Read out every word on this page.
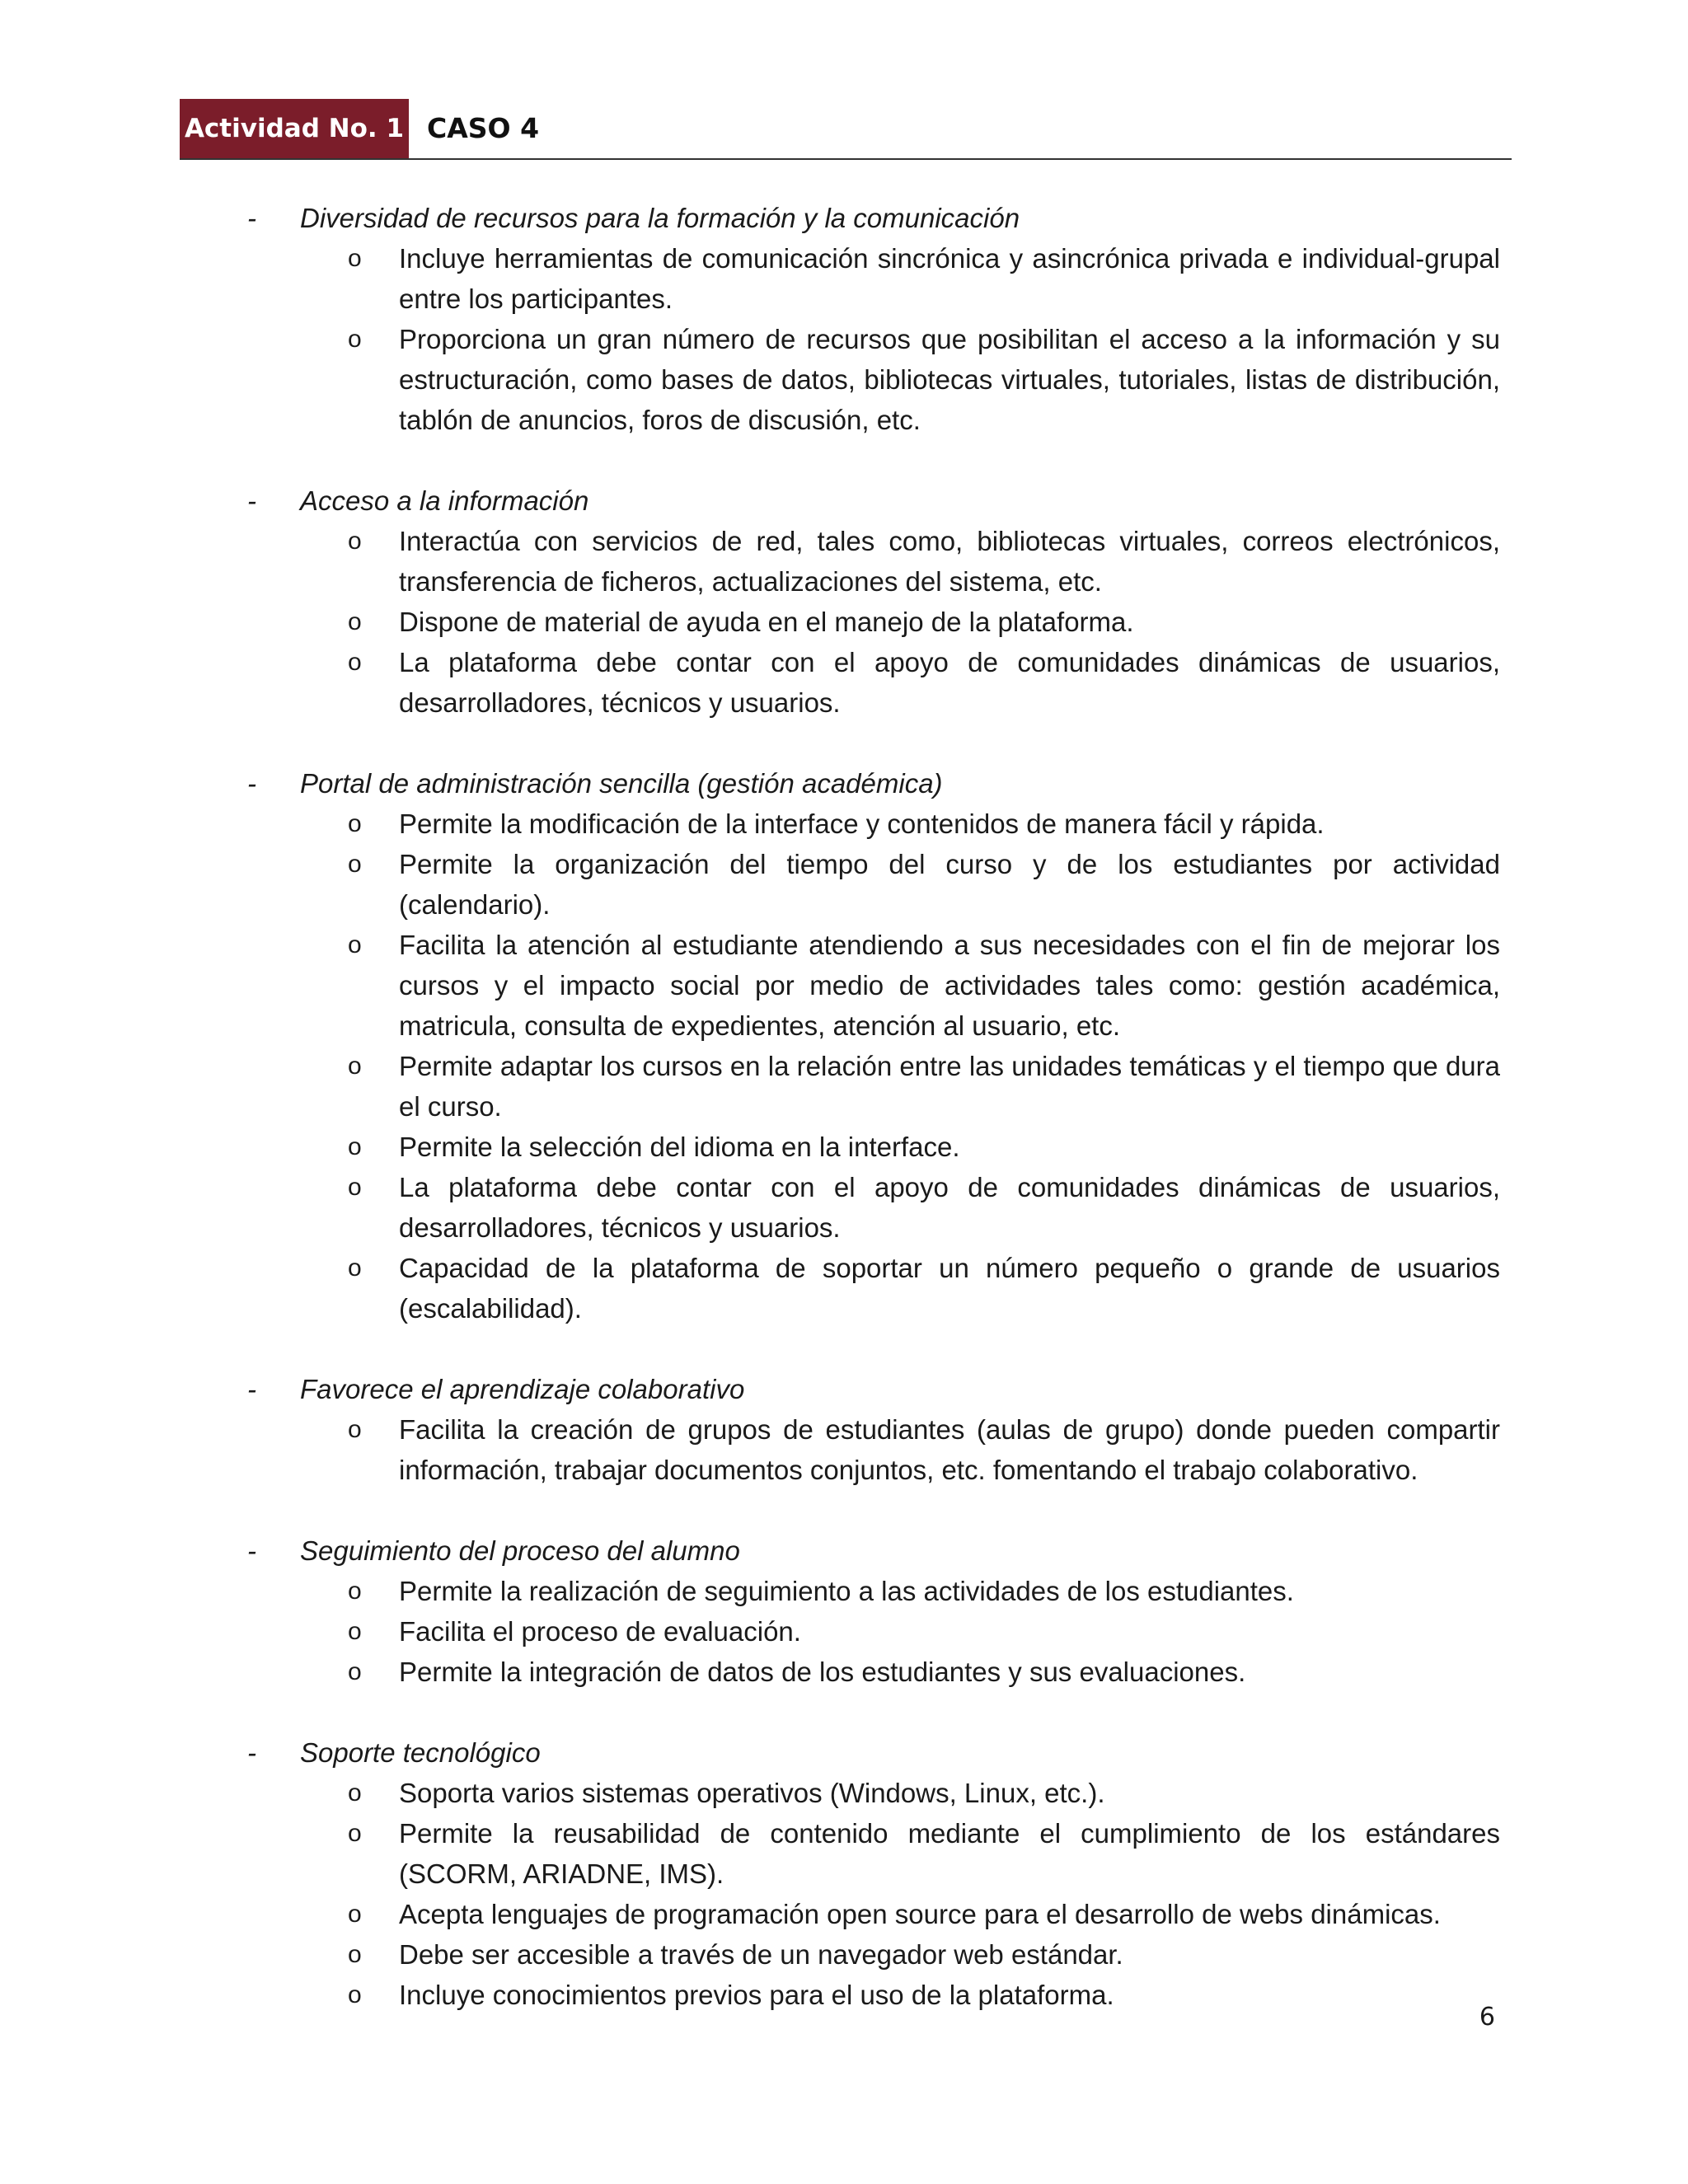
Actividad No. 1 CASO 4
- Diversidad de recursos para la formación y la comunicación
o Incluye herramientas de comunicación sincrónica y asincrónica privada e individual-grupal entre los participantes.
o Proporciona un gran número de recursos que posibilitan el acceso a la información y su estructuración, como bases de datos, bibliotecas virtuales, tutoriales, listas de distribución, tablón de anuncios, foros de discusión, etc.
- Acceso a la información
o Interactúa con servicios de red, tales como, bibliotecas virtuales, correos electrónicos, transferencia de ficheros, actualizaciones del sistema, etc.
o Dispone de material de ayuda en el manejo de la plataforma.
o La plataforma debe contar con el apoyo de comunidades dinámicas de usuarios, desarrolladores, técnicos y usuarios.
- Portal de administración sencilla (gestión académica)
o Permite la modificación de la interface y contenidos de manera fácil y rápida.
o Permite la organización del tiempo del curso y de los estudiantes por actividad (calendario).
o Facilita la atención al estudiante atendiendo a sus necesidades con el fin de mejorar los cursos y el impacto social por medio de actividades tales como: gestión académica, matricula, consulta de expedientes, atención al usuario, etc.
o Permite adaptar los cursos en la relación entre las unidades temáticas y el tiempo que dura el curso.
o Permite la selección del idioma en la interface.
o La plataforma debe contar con el apoyo de comunidades dinámicas de usuarios, desarrolladores, técnicos y usuarios.
o Capacidad de la plataforma de soportar un número pequeño o grande de usuarios (escalabilidad).
- Favorece el aprendizaje colaborativo
o Facilita la creación de grupos de estudiantes (aulas de grupo) donde pueden compartir información, trabajar documentos conjuntos, etc. fomentando el trabajo colaborativo.
- Seguimiento del proceso del alumno
o Permite la realización de seguimiento a las actividades de los estudiantes.
o Facilita el proceso de evaluación.
o Permite la integración de datos de los estudiantes y sus evaluaciones.
- Soporte tecnológico
o Soporta varios sistemas operativos (Windows, Linux, etc.).
o Permite la reusabilidad de contenido mediante el cumplimiento de los estándares (SCORM, ARIADNE, IMS).
o Acepta lenguajes de programación open source para el desarrollo de webs dinámicas.
o Debe ser accesible a través de un navegador web estándar.
o Incluye conocimientos previos para el uso de la plataforma.
6
